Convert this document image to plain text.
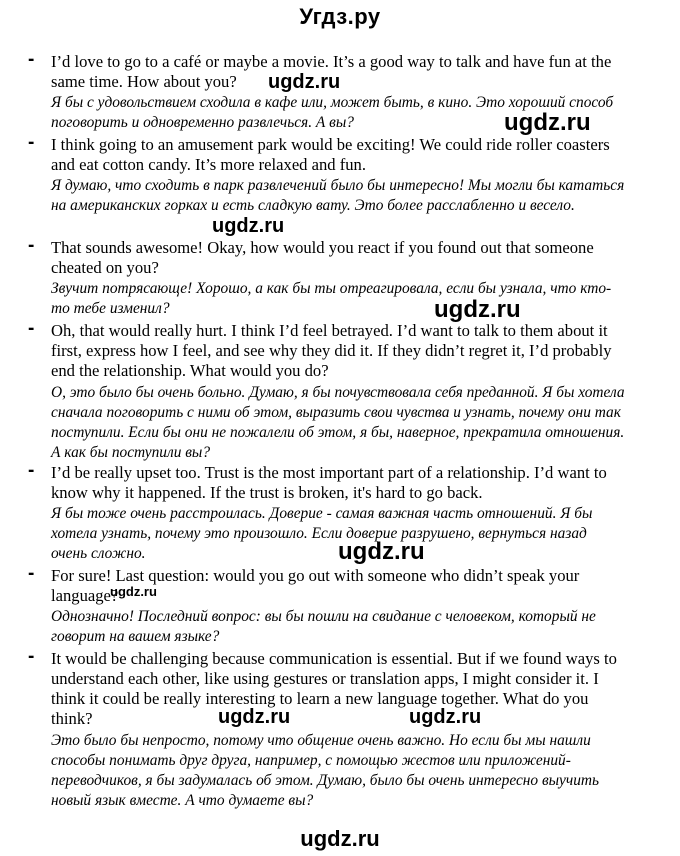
Угдз.ру
- I’d love to go to a café or maybe a movie. It’s a good way to talk and have fun at the same time. How about you?
Я бы с удовольствием сходила в кафе или, может быть, в кино. Это хороший способ поговорить и одновременно развлечься. А вы?
- I think going to an amusement park would be exciting! We could ride roller coasters and eat cotton candy. It’s more relaxed and fun.
Я думаю, что сходить в парк развлечений было бы интересно! Мы могли бы кататься на американских горках и есть сладкую вату. Это более расслабленно и весело.
- That sounds awesome! Okay, how would you react if you found out that someone cheated on you?
Звучит потрясающе! Хорошо, а как бы ты отреагировала, если бы узнала, что кто-то тебе изменил?
- Oh, that would really hurt. I think I’d feel betrayed. I’d want to talk to them about it first, express how I feel, and see why they did it. If they didn’t regret it, I’d probably end the relationship. What would you do?
О, это было бы очень больно. Думаю, я бы почувствовала себя преданной. Я бы хотела сначала поговорить с ними об этом, выразить свои чувства и узнать, почему они так поступили. Если бы они не пожалели об этом, я бы, наверное, прекратила отношения. А как бы поступили вы?
- I’d be really upset too. Trust is the most important part of a relationship. I’d want to know why it happened. If the trust is broken, it's hard to go back.
Я бы тоже очень расстроилась. Доверие - самая важная часть отношений. Я бы хотела узнать, почему это произошло. Если доверие разрушено, вернуться назад очень сложно.
- For sure! Last question: would you go out with someone who didn’t speak your language?
Однозначно! Последний вопрос: вы бы пошли на свидание с человеком, который не говорит на вашем языке?
- It would be challenging because communication is essential. But if we found ways to understand each other, like using gestures or translation apps, I might consider it. I think it could be really interesting to learn a new language together. What do you think?
Это было бы непросто, потому что общение очень важно. Но если бы мы нашли способы понимать друг друга, например, с помощью жестов или приложений-переводчиков, я бы задумалась об этом. Думаю, было бы очень интересно выучить новый язык вместе. А что думаете вы?
ugdz.ru
ugdz.ru
ugdz.ru
ugdz.ru
ugdz.ru
ugdz.ru
ugdz.ru	ugdz.ru
ugdz.ru
